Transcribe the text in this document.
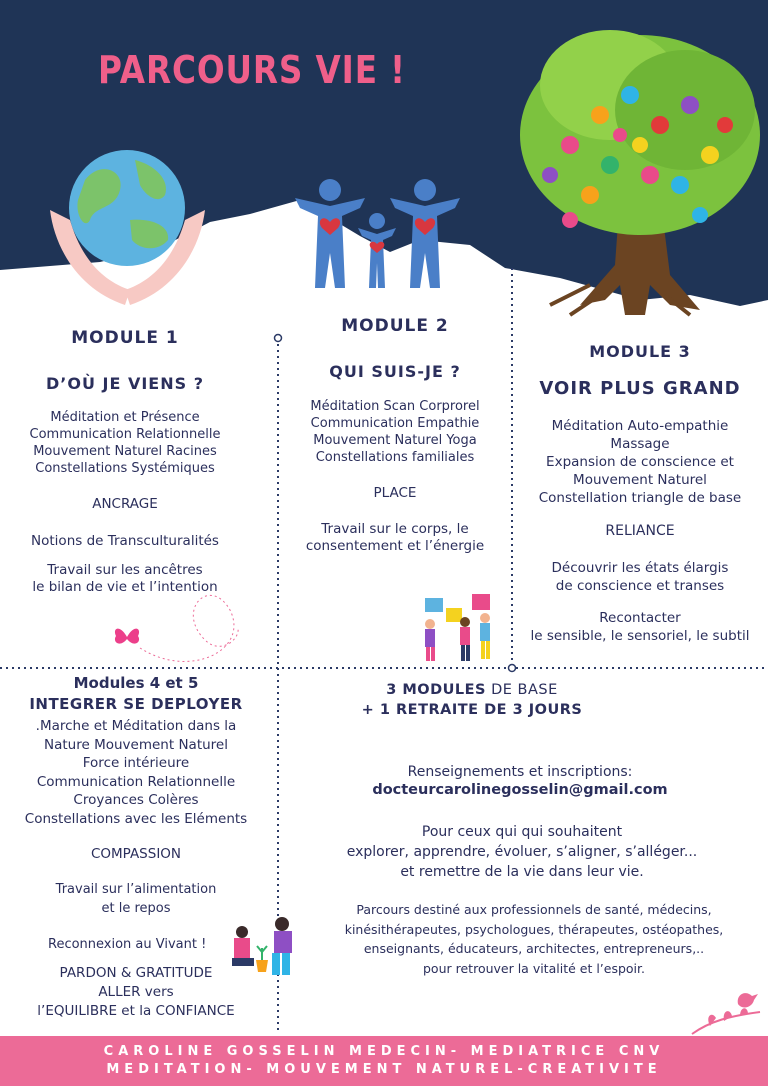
PARCOURS VIE !
MODULE 1
D’OÙ JE VIENS ?
Méditation et Présence
Communication Relationnelle
Mouvement Naturel Racines
Constellations Systémiques
ANCRAGE
Notions de Transculturalités
Travail sur les ancêtres
le bilan de vie et l’intention
MODULE 2
QUI SUIS-JE ?
Méditation Scan Corprorel
Communication Empathie
Mouvement Naturel Yoga
Constellations familiales
PLACE
Travail sur le corps, le
consentement et l’énergie
MODULE 3
VOIR PLUS GRAND
Méditation Auto-empathie
Massage
Expansion de conscience et
Mouvement Naturel
Constellation triangle de base
RELIANCE
Découvrir les états élargis
de conscience et transes
Recontacter
le sensible, le sensoriel, le subtil
Modules 4 et 5
INTEGRER SE DEPLOYER
.Marche et Méditation dans la
Nature Mouvement Naturel
Force intérieure
Communication Relationnelle
Croyances Colères
Constellations avec les Eléments
COMPASSION
Travail sur l’alimentation
et le repos
Reconnexion au Vivant !
PARDON & GRATITUDE
ALLER vers
l’EQUILIBRE et la CONFIANCE
3 MODULES DE BASE
+ 1 RETRAITE DE 3 JOURS
Renseignements et inscriptions:
docteurcarolinegosselin@gmail.com
Pour ceux qui qui souhaitent
explorer, apprendre, évoluer, s’aligner, s’alléger...
et remettre de la vie dans leur vie.
Parcours destiné aux professionnels de santé, médecins,
kinésithérapeutes, psychologues, thérapeutes, ostéopathes,
enseignants, éducateurs, architectes, entrepreneurs,..
pour retrouver la vitalité et l’espoir.
CAROLINE GOSSELIN MEDECIN- MEDIATRICE CNV
MEDITATION- MOUVEMENT NATUREL-CREATIVITE
